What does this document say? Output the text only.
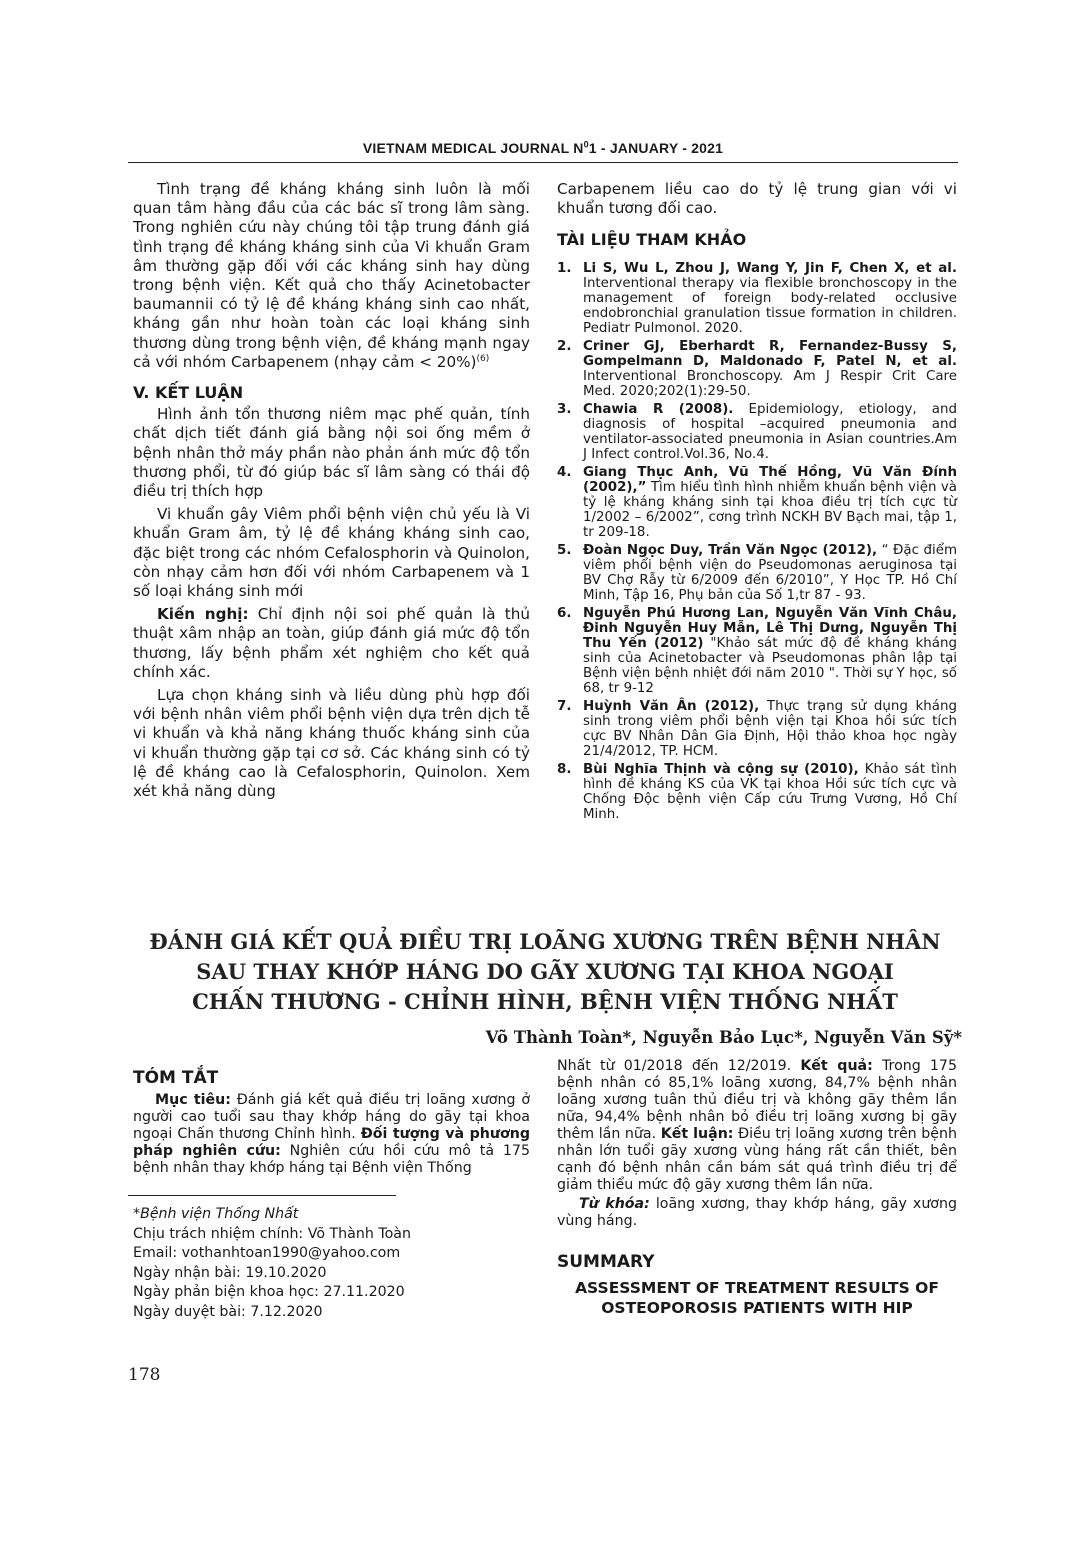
VIETNAM MEDICAL JOURNAL $N^01$ - JANUARY - 2021

Tình trạng đề kháng kháng sinh luôn là mối quan tâm hàng đầu của các bác sĩ trong lâm sàng. Trong nghiên cứu này chúng tôi tập trung đánh giá tình trạng đề kháng kháng sinh của Vi khuẩn Gram âm thường gặp đối với các kháng sinh hay dùng trong bệnh viện. Kết quả cho thấy Acinetobacter baumannii có tỷ lệ đề kháng kháng sinh cao nhất, kháng gần như hoàn toàn các loại kháng sinh thương dùng trong bệnh viện, đề kháng mạnh ngay cả với nhóm Carbapenem (nhạy cảm < 20%)$^{(6)}$

V. KẾT LUẬN

Hình ảnh tổn thương niêm mạc phế quản, tính chất dịch tiết đánh giá bằng nội soi ống mềm ở bệnh nhân thở máy phần nào phản ánh mức độ tổn thương phổi, từ đó giúp bác sĩ lâm sàng có thái độ điều trị thích hợp

Vi khuẩn gây Viêm phổi bệnh viện chủ yếu là Vi khuẩn Gram âm, tỷ lệ đề kháng kháng sinh cao, đặc biệt trong các nhóm Cefalosphorin và Quinolon, còn nhạy cảm hơn đối với nhóm Carbapenem và 1 số loại kháng sinh mới

Kiến nghị: Chỉ định nội soi phế quản là thủ thuật xâm nhập an toàn, giúp đánh giá mức độ tổn thương, lấy bệnh phẩm xét nghiệm cho kết quả chính xác.

Lựa chọn kháng sinh và liều dùng phù hợp đối với bệnh nhân viêm phổi bệnh viện dựa trên dịch tễ vi khuẩn và khả năng kháng thuốc kháng sinh của vi khuẩn thường gặp tại cơ sở. Các kháng sinh có tỷ lệ đề kháng cao là Cefalosphorin, Quinolon. Xem xét khả năng dùng

Carbapenem liều cao do tỷ lệ trung gian với vi khuẩn tương đối cao.

TÀI LIỆU THAM KHẢO
1. Li S, Wu L, Zhou J, Wang Y, Jin F, Chen X, et al. Interventional therapy via flexible bronchoscopy in the management of foreign body-related occlusive endobronchial granulation tissue formation in children. Pediatr Pulmonol. 2020.
2. Criner GJ, Eberhardt R, Fernandez-Bussy S, Gompelmann D, Maldonado F, Patel N, et al. Interventional Bronchoscopy. Am J Respir Crit Care Med. 2020;202(1):29-50.
3. Chawia R (2008). Epidemiology, etiology, and diagnosis of hospital –acquired pneumonia and ventilator-associated pneumonia in Asian countries.Am J Infect control.Vol.36, No.4.
4. Giang Thục Anh, Vũ Thế Hồng, Vũ Văn Đính (2002),” Tìm hiểu tình hình nhiễm khuẩn bệnh viện và tỷ lệ kháng kháng sinh tại khoa điều trị tích cực từ 1/2002 – 6/2002”, cơng trình NCKH BV Bạch mai, tập 1, tr 209-18.
5. Đoàn Ngọc Duy, Trần Văn Ngọc (2012), “ Đặc điểm viêm phổi bệnh viện do Pseudomonas aeruginosa tại BV Chợ Rẫy từ 6/2009 đến 6/2010”, Y Học TP. Hồ Chí Minh, Tập 16, Phụ bản của Số 1,tr 87 - 93.
6. Nguyễn Phú Hương Lan, Nguyễn Văn Vĩnh Châu, Đinh Nguyễn Huy Mẫn, Lê Thị Dưng, Nguyễn Thị Thu Yến (2012) "Khảo sát mức độ đề kháng kháng sinh của Acinetobacter và Pseudomonas phân lập tại Bệnh viện bệnh nhiệt đới năm 2010 ". Thời sự Y học, số 68, tr 9-12
7. Huỳnh Văn Ân (2012), Thực trạng sử dụng kháng sinh trong viêm phổi bệnh viện tại Khoa hồi sức tích cực BV Nhân Dân Gia Định, Hội thảo khoa học ngày 21/4/2012, TP. HCM.
8. Bùi Nghĩa Thịnh và cộng sự (2010), Khảo sát tình hình đề kháng KS của VK tại khoa Hồi sức tích cực và Chống Độc bệnh viện Cấp cứu Trưng Vương, Hồ Chí Minh.
ĐÁNH GIÁ KẾT QUẢ ĐIỀU TRỊ LOÃNG XƯƠNG TRÊN BỆNH NHÂN
SAU THAY KHỚP HÁNG DO GÃY XƯƠNG TẠI KHOA NGOẠI
CHẤN THƯƠNG - CHỈNH HÌNH, BỆNH VIỆN THỐNG NHẤT
Võ Thành Toàn*, Nguyễn Bảo Lục*, Nguyễn Văn Sỹ*
TÓM TẮT

Mục tiêu: Đánh giá kết quả điều trị loãng xương ở người cao tuổi sau thay khớp háng do gãy tại khoa ngoại Chấn thương Chỉnh hình. Đối tượng và phương pháp nghiên cứu: Nghiên cứu hồi cứu mô tả 175 bệnh nhân thay khớp háng tại Bệnh viện Thống

*Bệnh viện Thống Nhất
Chịu trách nhiệm chính: Võ Thành Toàn
Email: vothanhtoan1990@yahoo.com
Ngày nhận bài: 19.10.2020
Ngày phản biện khoa học: 27.11.2020
Ngày duyệt bài: 7.12.2020

Nhất từ 01/2018 đến 12/2019. Kết quả: Trong 175 bệnh nhân có 85,1% loãng xương, 84,7% bệnh nhân loãng xương tuân thủ điều trị và không gãy thêm lần nữa, 94,4% bệnh nhân bỏ điều trị loãng xương bị gãy thêm lần nữa. Kết luận: Điều trị loãng xương trên bệnh nhân lớn tuổi gãy xương vùng háng rất cần thiết, bên cạnh đó bệnh nhân cần bám sát quá trình điều trị để giảm thiểu mức độ gãy xương thêm lần nữa.

Từ khóa: loãng xương, thay khớp háng, gãy xương vùng háng.

SUMMARY
ASSESSMENT OF TREATMENT RESULTS OF
OSTEOPOROSIS PATIENTS WITH HIP
178
